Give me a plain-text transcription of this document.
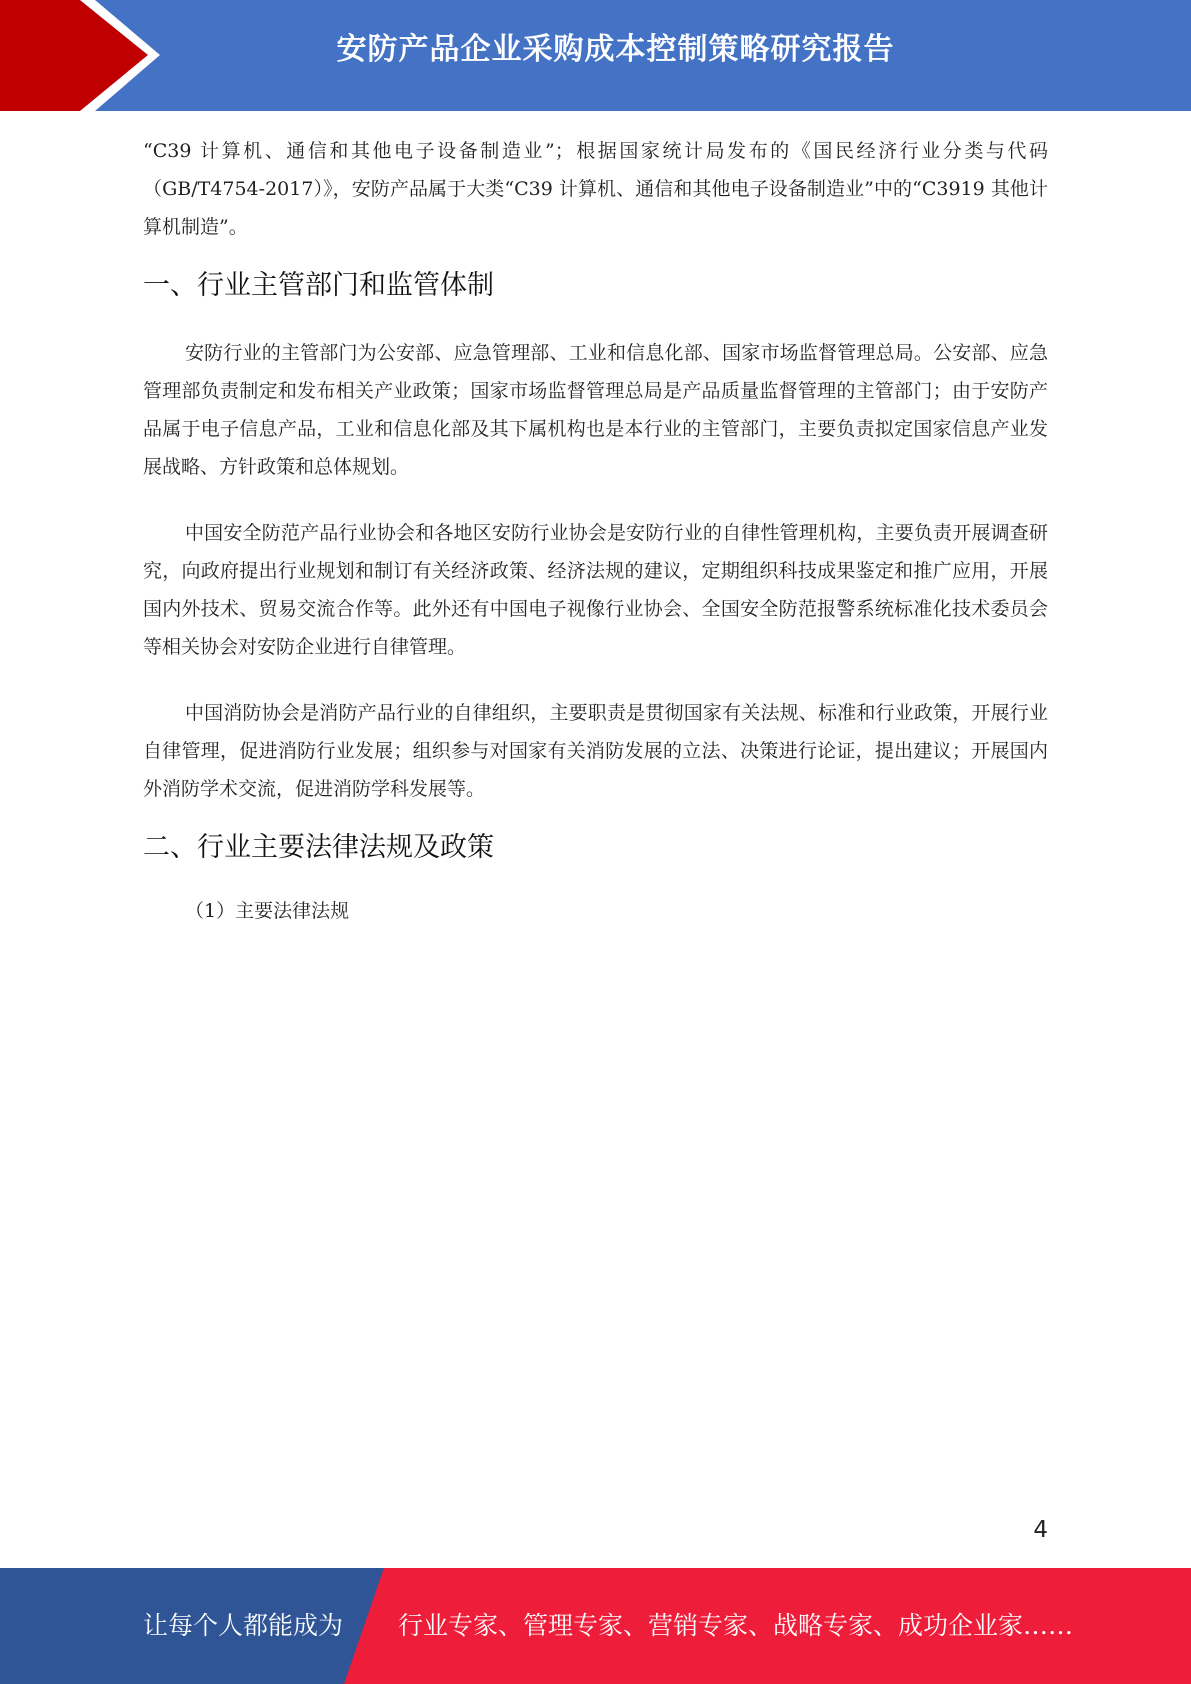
安防产品企业采购成本控制策略研究报告

“C39 计算机、通信和其他电子设备制造业”；根据国家统计局发布的《国民经济行业分类与代码（GB/T4754-2017）》，安防产品属于大类“C39 计算机、通信和其他电子设备制造业”中的“C3919 其他计算机制造”。

一、行业主管部门和监管体制

安防行业的主管部门为公安部、应急管理部、工业和信息化部、国家市场监督管理总局。公安部、应急管理部负责制定和发布相关产业政策；国家市场监督管理总局是产品质量监督管理的主管部门；由于安防产品属于电子信息产品，工业和信息化部及其下属机构也是本行业的主管部门，主要负责拟定国家信息产业发展战略、方针政策和总体规划。

中国安全防范产品行业协会和各地区安防行业协会是安防行业的自律性管理机构，主要负责开展调查研究，向政府提出行业规划和制订有关经济政策、经济法规的建议，定期组织科技成果鉴定和推广应用，开展国内外技术、贸易交流合作等。此外还有中国电子视像行业协会、全国安全防范报警系统标准化技术委员会等相关协会对安防企业进行自律管理。

中国消防协会是消防产品行业的自律组织，主要职责是贯彻国家有关法规、标准和行业政策，开展行业自律管理，促进消防行业发展；组织参与对国家有关消防发展的立法、决策进行论证，提出建议；开展国内外消防学术交流，促进消防学科发展等。

二、行业主要法律法规及政策

（1）主要法律法规

4
让每个人都能成为 行业专家、管理专家、营销专家、战略专家、成功企业家……
